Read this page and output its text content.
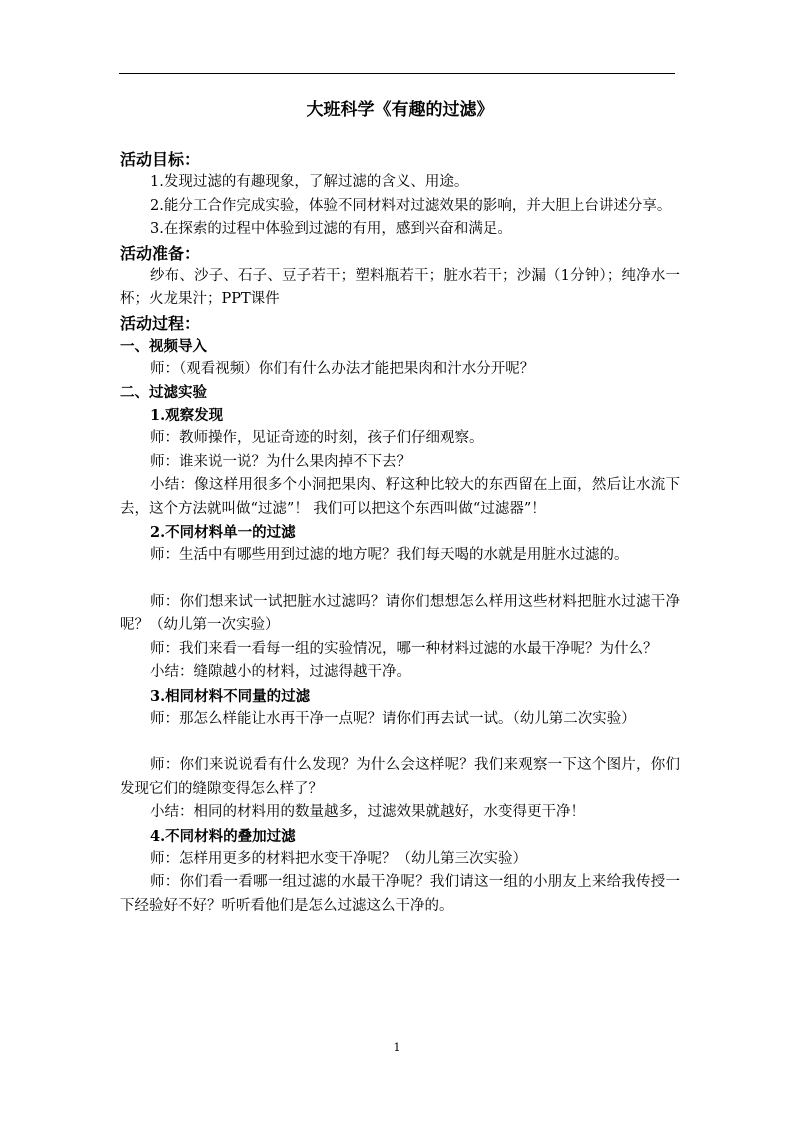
大班科学《有趣的过滤》
活动目标：
1.发现过滤的有趣现象，了解过滤的含义、用途。
2.能分工合作完成实验，体验不同材料对过滤效果的影响，并大胆上台讲述分享。
3.在探索的过程中体验到过滤的有用，感到兴奋和满足。
活动准备：
纱布、沙子、石子、豆子若干；塑料瓶若干；脏水若干；沙漏（1分钟）；纯净水一杯；火龙果汁；PPT课件
活动过程：
一、视频导入
师：（观看视频）你们有什么办法才能把果肉和汁水分开呢？
二、过滤实验
1.观察发现
师：教师操作，见证奇迹的时刻，孩子们仔细观察。
师：谁来说一说？为什么果肉掉不下去？
小结：像这样用很多个小洞把果肉、籽这种比较大的东西留在上面，然后让水流下去，这个方法就叫做“过滤”！ 我们可以把这个东西叫做“过滤器”！
2.不同材料单一的过滤
师：生活中有哪些用到过滤的地方呢？我们每天喝的水就是用脏水过滤的。
师：你们想来试一试把脏水过滤吗？请你们想想怎么样用这些材料把脏水过滤干净呢？（幼儿第一次实验）
师：我们来看一看每一组的实验情况，哪一种材料过滤的水最干净呢？为什么？
小结：缝隙越小的材料，过滤得越干净。
3.相同材料不同量的过滤
师：那怎么样能让水再干净一点呢？请你们再去试一试。（幼儿第二次实验）
师：你们来说说看有什么发现？为什么会这样呢？我们来观察一下这个图片，你们发现它们的缝隙变得怎么样了？
小结：相同的材料用的数量越多，过滤效果就越好，水变得更干净！
4.不同材料的叠加过滤
师：怎样用更多的材料把水变干净呢？（幼儿第三次实验）
师：你们看一看哪一组过滤的水最干净呢？我们请这一组的小朋友上来给我传授一下经验好不好？听听看他们是怎么过滤这么干净的。
1
